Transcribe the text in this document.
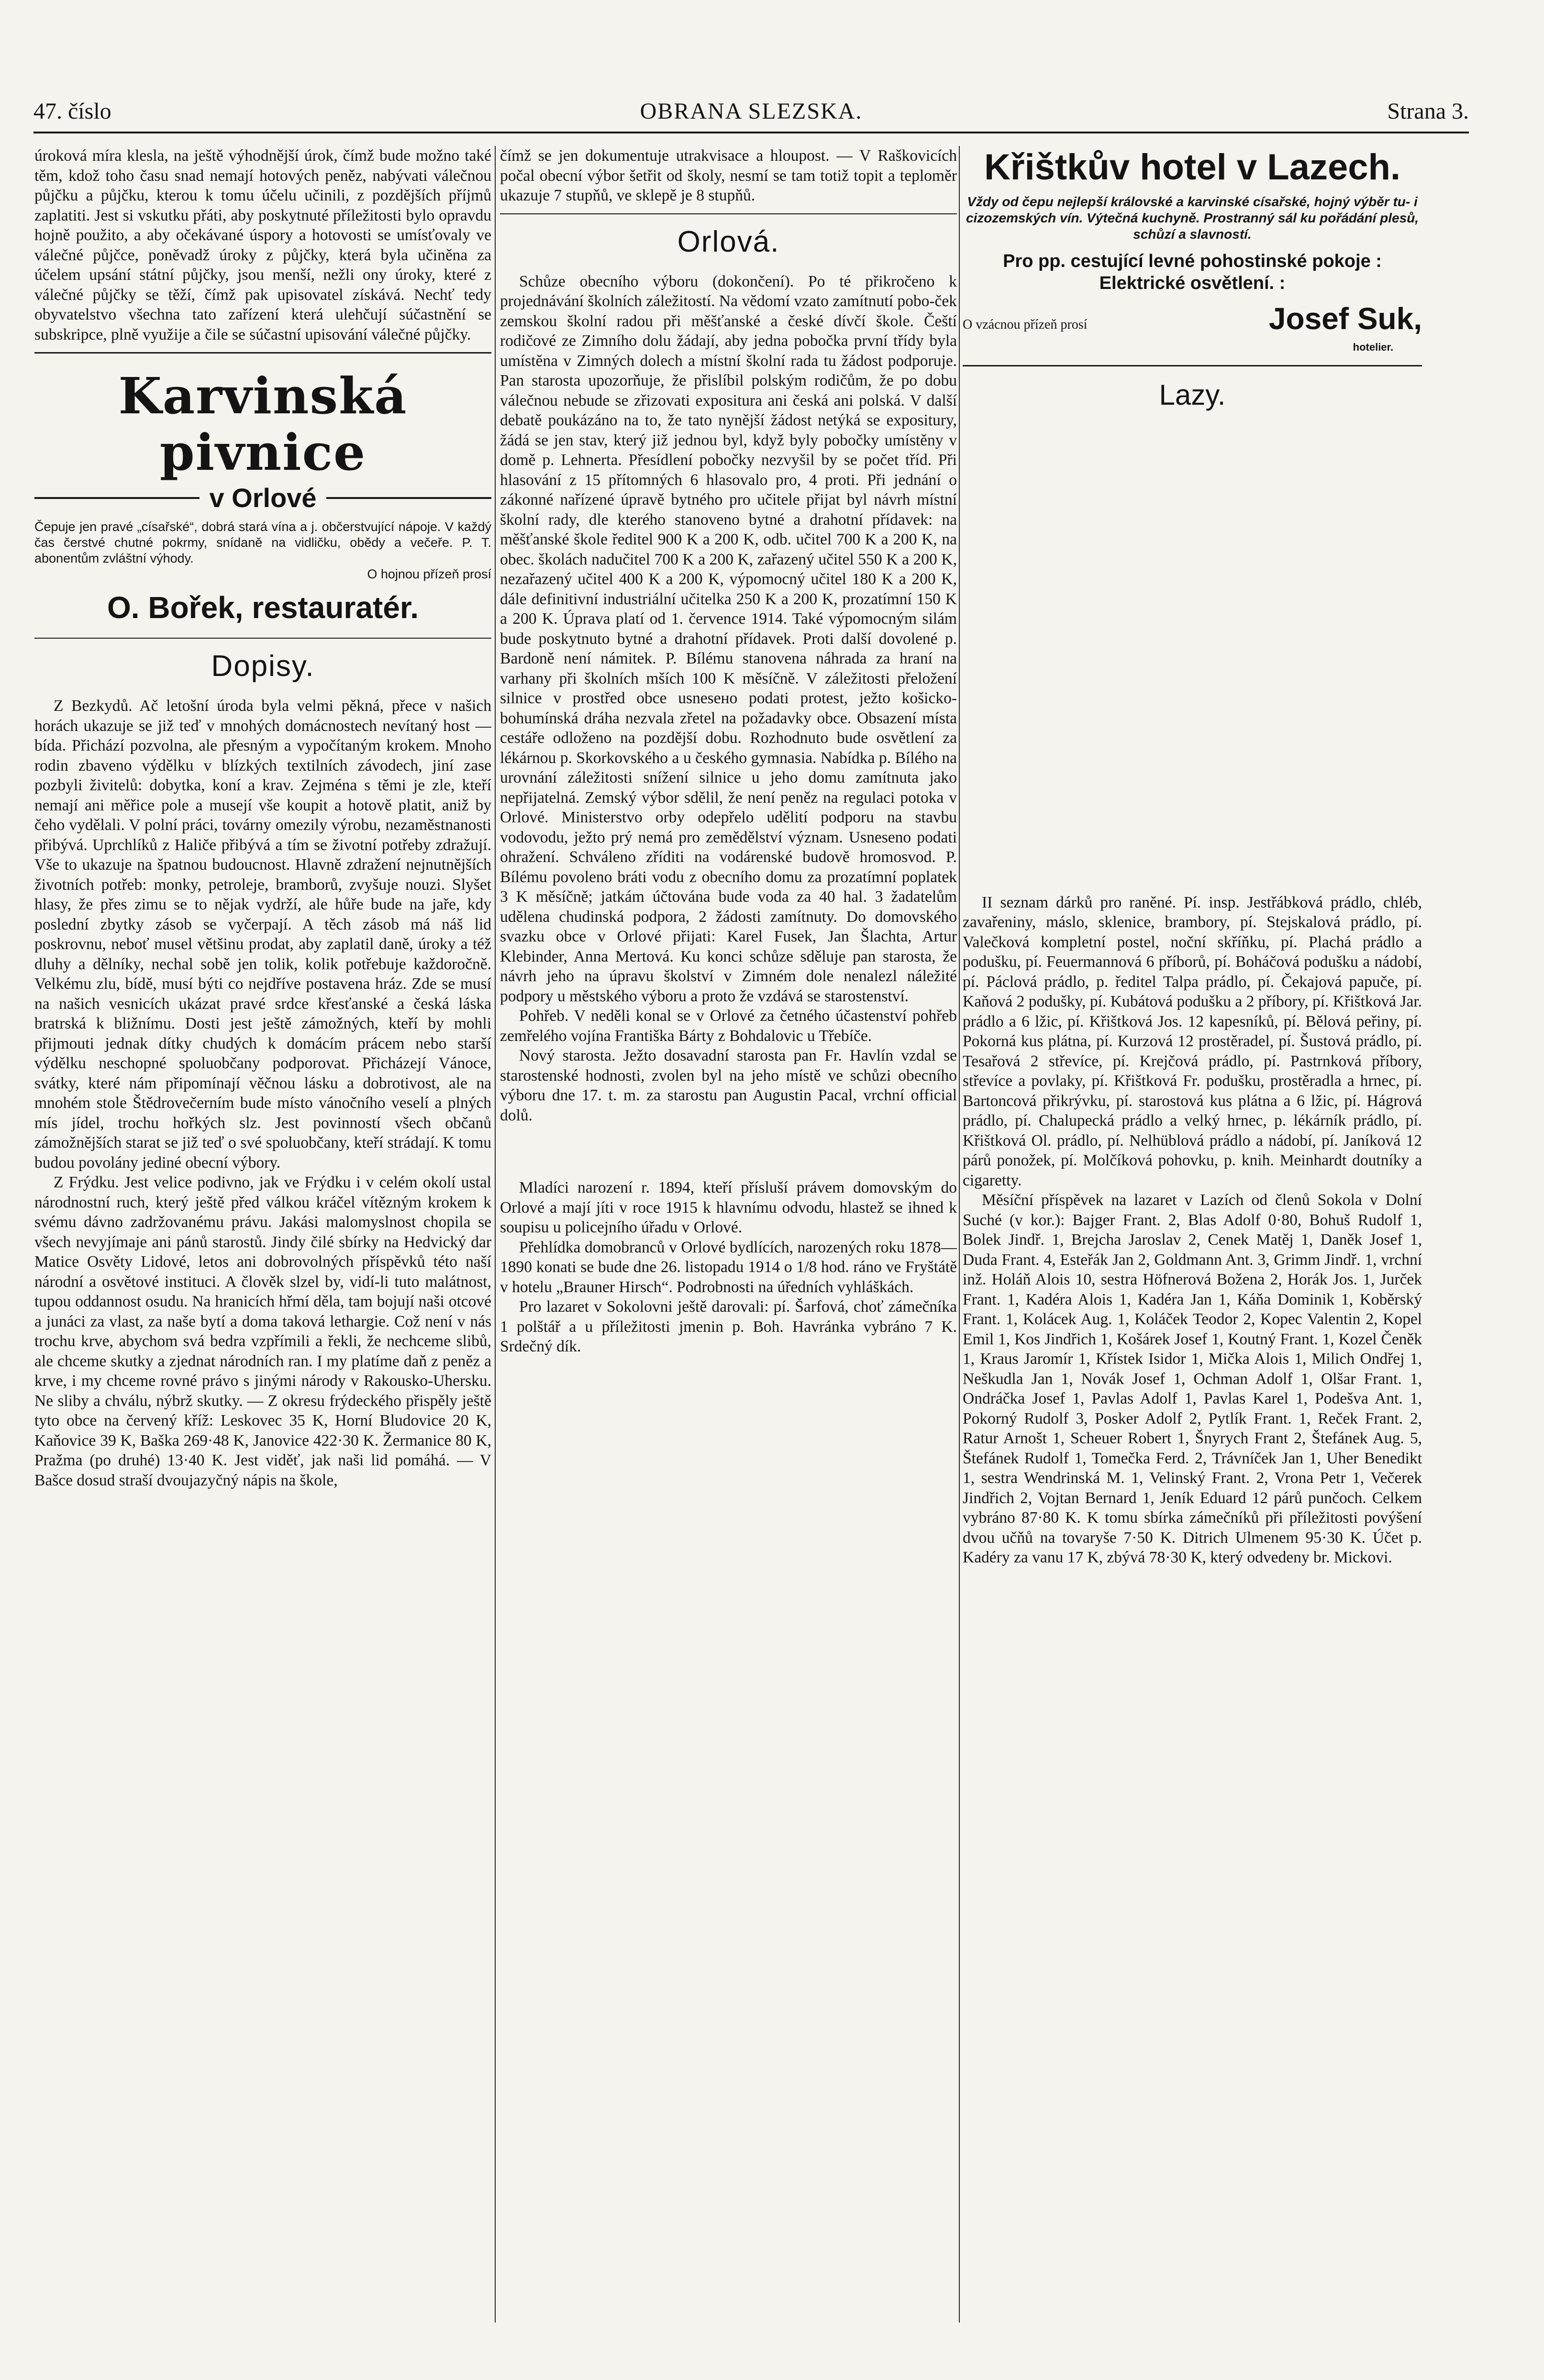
47. číslo	OBRANA SLEZSKA.	Strana 3.

úroková míra klesla, na ještě výhodnější úrok, čímž bude možno také těm, kdož toho času snad nemají hotových peněz, nabývati válečnou půjčku a půjčku, kterou k tomu účelu učinili, z pozdějších příjmů zaplatiti. Jest si vskutku přáti, aby poskytnuté příležitosti bylo opravdu hojně použito, a aby očekávané úspory a hotovosti se umísťovaly ve válečné půjčce, poněvadž úroky z půjčky, která byla učiněna za účelem upsání státní půjčky, jsou menší, nežli ony úroky, které z válečné půjčky se těží, čímž pak upisovatel získává. Nechť tedy obyvatelstvo všechna tato zařízení která ulehčují súčastnění se subskripce, plně využije a čile se súčastní upisování válečné půjčky.

Karvinská pivnice
v Orlové
Čepuje jen pravé „císařské“, dobrá stará vína a j. občerstvující nápoje. V každý čas čerstvé chutné pokrmy, snídaně na vidličku, obědy a večeře. P. T. abonentům zvláštní výhody.
O hojnou přízeň prosí
O. Bořek, restauratér.
Dopisy.

Z Bezkydů. Ač letošní úroda byla velmi pěkná, přece v našich horách ukazuje se již teď v mnohých domácnostech nevítaný host — bída. Přichází pozvolna, ale přesným a vypočítaným krokem. Mnoho rodin zbaveno výdělku v blízkých textilních závodech, jiní zase pozbyli živitelů: dobytka, koní a krav. Zejména s těmi je zle, kteří nemají ani měřice pole a musejí vše koupit a hotově platit, aniž by čeho vydělali. V polní práci, továrny omezily výrobu, nezaměstnanosti přibývá. Uprchlíků z Haliče přibývá a tím se životní potřeby zdražují. Vše to ukazuje na špatnou budoucnost. Hlavně zdražení nejnutnějších životních potřeb: monky, petroleje, bramborů, zvyšuje nouzi. Slyšet hlasy, že přes zimu se to nějak vydrží, ale hůře bude na jaře, kdy poslední zbytky zásob se vyčerpají. A těch zásob má náš lid poskrovnu, neboť musel většinu prodat, aby zaplatil daně, úroky a též dluhy a dělníky, nechal sobě jen tolik, kolik potřebuje každoročně. Velkému zlu, bídě, musí býti co nejdříve postavena hráz. Zde se musí na našich vesnicích ukázat pravé srdce křesťanské a česká láska bratrská k bližnímu. Dosti jest ještě zámožných, kteří by mohli přijmouti jednak dítky chudých k domácím prácem nebo starší výdělku neschopné spoluobčany podporovat. Přicházejí Vánoce, svátky, které nám připomínají věčnou lásku a dobrotivost, ale na mnohém stole Štědrovečerním bude místo vánočního veselí a plných mís jídel, trochu hořkých slz. Jest povinností všech občanů zámožnějších starat se již teď o své spoluobčany, kteří strádají. K tomu budou povolány jediné obecní výbory.

Z Frýdku. Jest velice podivno, jak ve Frýdku i v celém okolí ustal národnostní ruch, který ještě před válkou kráčel vítězným krokem k svému dávno zadržovanému právu. Jakási malomyslnost chopila se všech nevyjímaje ani pánů starostů. Jindy čilé sbírky na Hedvický dar Matice Osvěty Lidové, letos ani dobrovolných příspěvků této naší národní a osvětové instituci. A člověk slzel by, vidí-li tuto malátnost, tupou oddannost osudu. Na hranicích hřmí děla, tam bojují naši otcové a junáci za vlast, za naše bytí a doma taková lethargie. Což není v nás trochu krve, abychom svá bedra vzpřímili a řekli, že nechceme slibů, ale chceme skutky a zjednat národních ran. I my platíme daň z peněz a krve, i my chceme rovné právo s jinými národy v Rakousko-Uhersku. Ne sliby a chválu, nýbrž skutky. — Z okresu frýdeckého přispěly ještě tyto obce na červený kříž: Leskovec 35 K, Horní Bludovice 20 K, Kaňovice 39 K, Baška 269·48 K, Janovice 422·30 K. Žermanice 80 K, Pražma (po druhé) 13·40 K. Jest viděť, jak naši lid pomáhá. — V Bašce dosud straší dvoujazyčný nápis na škole,

čímž se jen dokumentuje utrakvisace a hloupost. — V Raškovicích počal obecní výbor šetřit od školy, nesmí se tam totiž topit a teploměr ukazuje 7 stupňů, ve sklepě je 8 stupňů.

Orlová.

Schůze obecního výboru (dokončení). Po té přikročeno k projednávání školních záležitostí. Na vědomí vzato zamítnutí pobo-ček zemskou školní radou při měšťanské a české dívčí škole. Čeští rodičové ze Zimního dolu žádají, aby jedna pobočka první třídy byla umístěna v Zimných dolech a místní školní rada tu žádost podporuje. Pan starosta upozorňuje, že přislíbil polským rodičům, že po dobu válečnou nebude se zřizovati expositura ani česká ani polská. V další debatě poukázáno na to, že tato nynější žádost netýká se expositury, žádá se jen stav, který již jednou byl, když byly pobočky umístěny v domě p. Lehnerta. Přesídlení pobočky nezvyšil by se počet tříd. Při hlasování z 15 přítomných 6 hlasovalo pro, 4 proti. Při jednání o zákonné nařízené úpravě bytného pro učitele přijat byl návrh místní školní rady, dle kterého stanoveno bytné a drahotní přídavek: na měšťanské škole ředitel 900 K a 200 K, odb. učitel 700 K a 200 K, na obec. školách nadučitel 700 K a 200 K, zařazený učitel 550 K a 200 K, nezařazený učitel 400 K a 200 K, výpomocný učitel 180 K a 200 K, dále definitivní industriální učitelka 250 K a 200 K, prozatímní 150 K a 200 K. Úprava platí od 1. července 1914. Také výpomocným silám bude poskytnuto bytné a drahotní přídavek. Proti další dovolené p. Bardoně není námitek. P. Bílému stanovena náhrada za hraní na varhany při školních mších 100 K měsíčně. V záležitosti přeložení silnice v prostřed obce usnesено podati protest, ježto košicko-bohumínská dráha nezvala zřetel na požadavky obce. Obsazení místa cestáře odloženo na pozdější dobu. Rozhodnuto bude osvětlení za lékárnou p. Skorkovského a u českého gymnasia. Nabídka p. Bílého na urovnání záležitosti snížení silnice u jeho domu zamítnuta jako nepřijatelná. Zemský výbor sdělil, že není peněz na regulaci potoka v Orlové. Ministerstvo orby odepřelo udělití podporu na stavbu vodovodu, ježto prý nemá pro zemědělství význam. Usneseno podati ohražení. Schváleno zříditi na vodárenské budově hromosvod. P. Bílému povoleno bráti vodu z obecního domu za prozatímní poplatek 3 K měsíčně; jatkám účtována bude voda za 40 hal. 3 žadatelům udělena chudinská podpora, 2 žádosti zamítnuty. Do domovského svazku obce v Orlové přijati: Karel Fusek, Jan Šlachta, Artur Klebinder, Anna Mertová. Ku konci schůze sděluje pan starosta, že návrh jeho na úpravu školství v Zimném dole nenalezl náležité podpory u městského výboru a proto že vzdává se starostenství.

Pohřeb. V neděli konal se v Orlové za četného účastenství pohřeb zemřelého vojína Františka Bárty z Bohdalovic u Třebíče.

Nový starosta. Ježto dosavadní starosta pan Fr. Havlín vzdal se starostenské hodnosti, zvolen byl na jeho místě ve schůzi obecního výboru dne 17. t. m. za starostu pan Augustin Pacal, vrchní official dolů.

Mladíci narození r. 1894, kteří přísluší právem domovským do Orlové a mají jíti v roce 1915 k hlavnímu odvodu, hlastež se ihned k soupisu u policejního úřadu v Orlové.

Přehlídka domobranců v Orlové bydlících, narozených roku 1878—1890 konati se bude dne 26. listopadu 1914 o 1/8 hod. ráno ve Fryštátě v hotelu „Brauner Hirsch“. Podrobnosti na úředních vyhláškách.

Pro lazaret v Sokolovni ještě darovali: pí. Šarfová, choť zámečníka 1 polštář a u příležitosti jmenin p. Boh. Havránka vybráno 7 K. Srdečný dík.

Křištkův hotel v Lazech.
Vždy od čepu nejlepší královské a karvinské císařské, hojný výběr tu- i cizozemských vín. Výtečná kuchyně. Prostranný sál ku pořádání plesů, schůzí a slavností.
Pro pp. cestující levné pohostinské pokoje : Elektrické osvětlení. :
O vzácnou přízeň prosí	Josef Suk,
hotelier.
Lazy.

II seznam dárků pro raněné. Pí. insp. Jestřábková prádlo, chléb, zavařeniny, máslo, sklenice, brambory, pí. Stejskalová prádlo, pí. Valečková kompletní postel, noční skříňku, pí. Plachá prádlo a podušku, pí. Feuermannová 6 příborů, pí. Boháčová podušku a nádobí, pí. Páclová prádlo, p. ředitel Talpa prádlo, pí. Čekajová papuče, pí. Kaňová 2 podušky, pí. Kubátová podušku a 2 příbory, pí. Křištková Jar. prádlo a 6 lžic, pí. Křištková Jos. 12 kapesníků, pí. Bělová peřiny, pí. Pokorná kus plátna, pí. Kurzová 12 prostěradel, pí. Šustová prádlo, pí. Tesařová 2 střevíce, pí. Krejčová prádlo, pí. Pastrnková příbory, střevíce a povlaky, pí. Křištková Fr. podušku, prostěradla a hrnec, pí. Bartoncová přikrývku, pí. starostová kus plátna a 6 lžic, pí. Hágrová prádlo, pí. Chalupecká prádlo a velký hrnec, p. lékárník prádlo, pí. Křištková Ol. prádlo, pí. Nelhüblová prádlo a nádobí, pí. Janíková 12 párů ponožek, pí. Molčíková pohovku, p. knih. Meinhardt doutníky a cigaretty.

Měsíční příspěvek na lazaret v Lazích od členů Sokola v Dolní Suché (v kor.): Bajger Frant. 2, Blas Adolf 0·80, Bohuš Rudolf 1, Bolek Jindř. 1, Brejcha Jaroslav 2, Cenek Matěj 1, Daněk Josef 1, Duda Frant. 4, Esteřák Jan 2, Goldmann Ant. 3, Grimm Jindř. 1, vrchní inž. Holáň Alois 10, sestra Höfnerová Božena 2, Horák Jos. 1, Jurček Frant. 1, Kadéra Alois 1, Kadéra Jan 1, Káňa Dominik 1, Koběrský Frant. 1, Kolácek Aug. 1, Koláček Teodor 2, Kopec Valentin 2, Kopel Emil 1, Kos Jindřich 1, Košárek Josef 1, Koutný Frant. 1, Kozel Čeněk 1, Kraus Jaromír 1, Křístek Isidor 1, Mička Alois 1, Milich Ondřej 1, Neškudla Jan 1, Novák Josef 1, Ochman Adolf 1, Olšar Frant. 1, Ondráčka Josef 1, Pavlas Adolf 1, Pavlas Karel 1, Podešva Ant. 1, Pokorný Rudolf 3, Posker Adolf 2, Pytlík Frant. 1, Reček Frant. 2, Ratur Arnošt 1, Scheuer Robert 1, Šnyrych Frant 2, Štefánek Aug. 5, Štefánek Rudolf 1, Tomečka Ferd. 2, Trávníček Jan 1, Uher Benedikt 1, sestra Wendrinská M. 1, Velinský Frant. 2, Vrona Petr 1, Večerek Jindřich 2, Vojtan Bernard 1, Jeník Eduard 12 párů punčoch. Celkem vybráno 87·80 K. K tomu sbírka zámečníků při příležitosti povýšení dvou učňů na tovaryše 7·50 K. Ditrich Ulmenem 95·30 K. Účet p. Kadéry za vanu 17 K, zbývá 78·30 K, který odvedeny br. Mickovi.
